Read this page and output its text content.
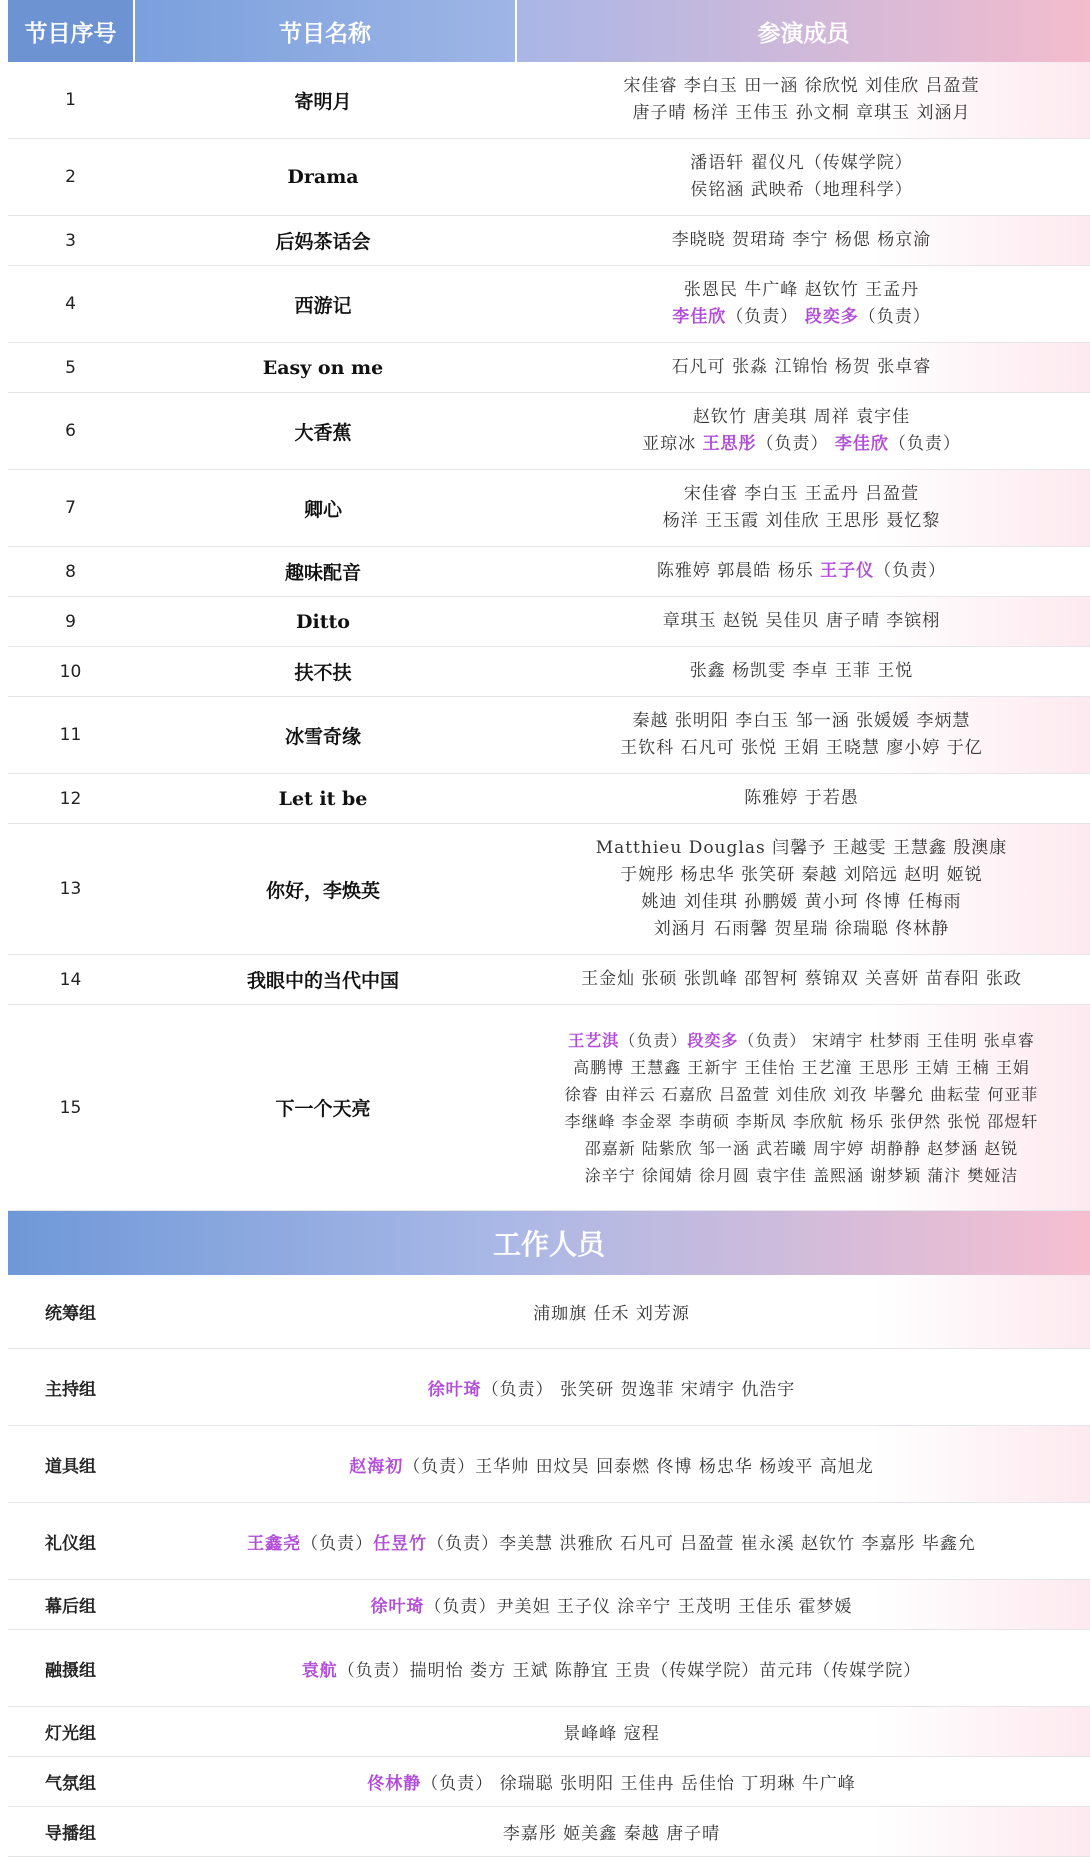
节目序号	节目名称	参演成员
1	寄明月
宋佳睿 李白玉 田一涵 徐欣悦 刘佳欣 吕盈萱
唐子晴 杨洋 王伟玉 孙文桐 章琪玉 刘涵月
2	Drama
潘语轩 翟仪凡（传媒学院）
侯铭涵 武映希（地理科学）
3	后妈茶话会	李晓晓 贺珺琦 李宁 杨偲 杨京渝
4	西游记
张恩民 牛广峰 赵钦竹 王孟丹
李佳欣（负责） 段奕多（负责）
5	Easy on me	石凡可 张淼 江锦怡 杨贺 张卓睿
6	大香蕉
赵钦竹 唐美琪 周祥 袁宇佳
亚琼冰 王思彤（负责） 李佳欣（负责）
7	卿心
宋佳睿 李白玉 王孟丹 吕盈萱
杨洋 王玉霞 刘佳欣 王思彤 聂忆黎
8	趣味配音	陈雅婷 郭晨皓 杨乐 王子仪（负责）
9	Ditto	章琪玉 赵锐 吴佳贝 唐子晴 李镔栩
10	扶不扶	张鑫 杨凯雯 李卓 王菲 王悦
11	冰雪奇缘
秦越 张明阳 李白玉 邹一涵 张媛媛 李炳慧
王钦科 石凡可 张悦 王娟 王晓慧 廖小婷 于亿
12	Let it be	陈雅婷 于若愚
13	你好，李焕英
Matthieu Douglas 闫馨予 王越雯 王慧鑫 殷澳康
于婉彤 杨忠华 张笑研 秦越 刘陪远 赵明 姬锐
姚迪 刘佳琪 孙鹏媛 黄小珂 佟博 任梅雨
刘涵月 石雨馨 贺星瑞 徐瑞聪 佟林静
14	我眼中的当代中国	王金灿 张硕 张凯峰 邵智柯 蔡锦双 关喜妍 苗春阳 张政
15	下一个天亮
王艺淇（负责）段奕多（负责） 宋靖宇 杜梦雨 王佳明 张卓睿
高鹏博 王慧鑫 王新宇 王佳怡 王艺潼 王思彤 王婧 王楠 王娟
徐睿 由祥云 石嘉欣 吕盈萱 刘佳欣 刘孜 毕馨允 曲耘莹 何亚菲
李继峰 李金翠 李萌硕 李斯凤 李欣航 杨乐 张伊然 张悦 邵煜轩
邵嘉新 陆紫欣 邹一涵 武若曦 周宇婷 胡静静 赵梦涵 赵锐
涂辛宁 徐闻婧 徐月圆 袁宇佳 盖熙涵 谢梦颖 蒲汴 樊娅洁
工作人员
统筹组	浦珈旗 任禾 刘芳源
主持组	徐叶琦 （负责） 张笑研 贺逸菲 宋靖宇 仇浩宇
道具组	赵海初 （负责）王华帅 田炆昊 回泰燃 佟博 杨忠华 杨竣平 高旭龙
礼仪组	王鑫尧 （负责） 任昱竹 （负责）李美慧 洪雅欣 石凡可 吕盈萱 崔永溪 赵钦竹 李嘉彤 毕鑫允
幕后组	徐叶琦 （负责）尹美妲 王子仪 涂辛宁 王茂明 王佳乐 霍梦媛
融摄组	袁航 （负责）揣明怡 娄方 王斌 陈静宜 王贵（传媒学院）苗元玮（传媒学院）
灯光组	景峰峰 寇程
气氛组	佟林静 （负责） 徐瑞聪 张明阳 王佳冉 岳佳怡 丁玥琳 牛广峰
导播组	李嘉彤 姬美鑫 秦越 唐子晴
